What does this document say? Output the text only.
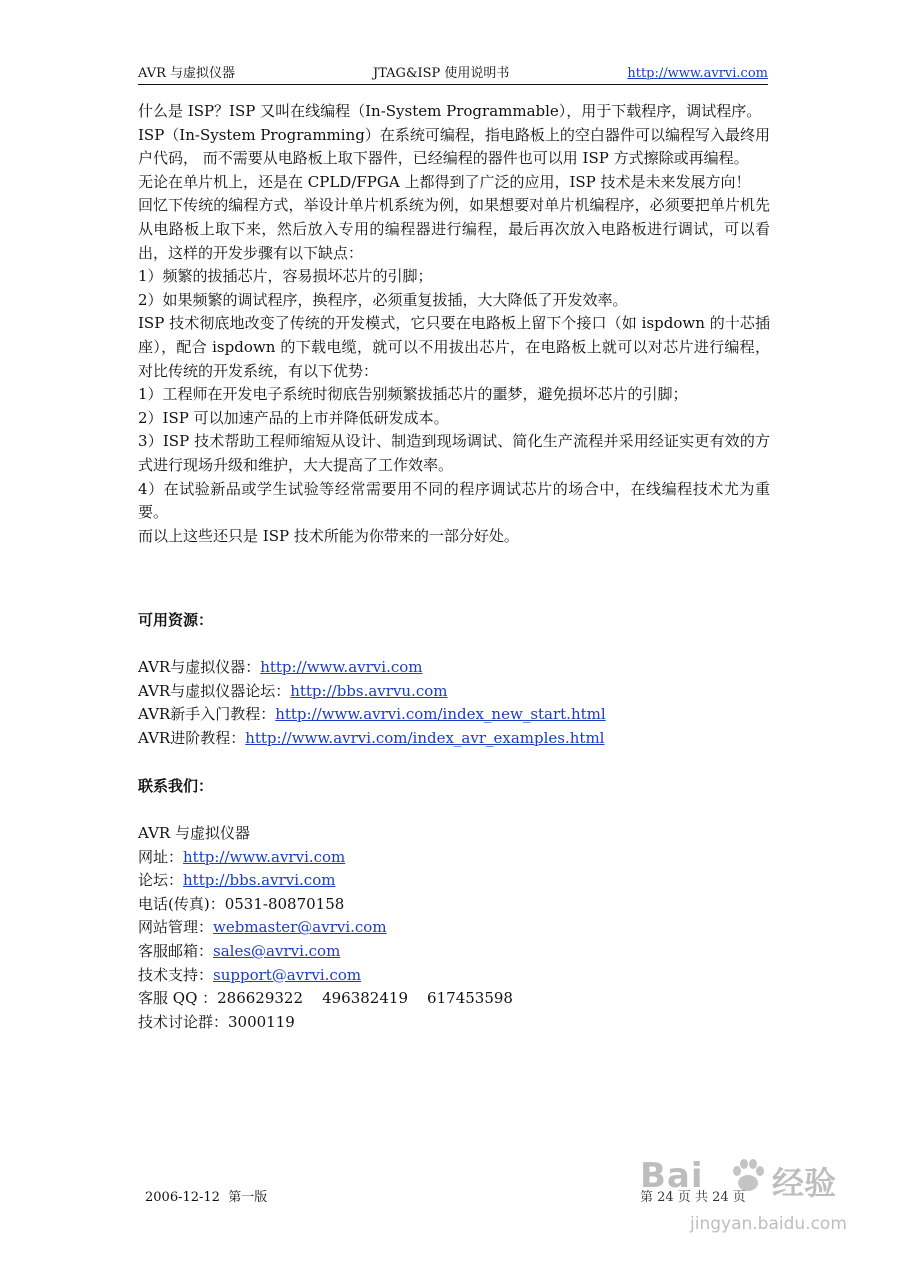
AVR 与虚拟仪器	JTAG&ISP 使用说明书	http://www.avrvi.com

什么是 ISP？ISP 又叫在线编程（In-System Programmable），用于下载程序，调试程序。

ISP（In-System Programming）在系统可编程，指电路板上的空白器件可以编程写入最终用户代码， 而不需要从电路板上取下器件，已经编程的器件也可以用 ISP 方式擦除或再编程。

无论在单片机上，还是在 CPLD/FPGA 上都得到了广泛的应用，ISP 技术是未来发展方向！

回忆下传统的编程方式，举设计单片机系统为例，如果想要对单片机编程序，必须要把单片机先从电路板上取下来，然后放入专用的编程器进行编程，最后再次放入电路板进行调试，可以看出，这样的开发步骤有以下缺点：

1）频繁的拔插芯片，容易损坏芯片的引脚；

2）如果频繁的调试程序，换程序，必须重复拔插，大大降低了开发效率。

ISP 技术彻底地改变了传统的开发模式，它只要在电路板上留下个接口（如 ispdown 的十芯插座），配合 ispdown 的下载电缆，就可以不用拔出芯片，在电路板上就可以对芯片进行编程，对比传统的开发系统，有以下优势：

1）工程师在开发电子系统时彻底告别频繁拔插芯片的噩梦，避免损坏芯片的引脚；

2）ISP 可以加速产品的上市并降低研发成本。

3）ISP 技术帮助工程师缩短从设计、制造到现场调试、简化生产流程并采用经证实更有效的方式进行现场升级和维护，大大提高了工作效率。

4）在试验新品或学生试验等经常需要用不同的程序调试芯片的场合中，在线编程技术尤为重要。

而以上这些还只是 ISP 技术所能为你带来的一部分好处。

可用资源：
AVR与虚拟仪器：http://www.avrvi.com
AVR与虚拟仪器论坛：http://bbs.avrvu.com
AVR新手入门教程：http://www.avrvi.com/index_new_start.html
AVR进阶教程：http://www.avrvi.com/index_avr_examples.html
联系我们：
AVR 与虚拟仪器
网址：http://www.avrvi.com
论坛：http://bbs.avrvi.com
电话(传真)：0531-80870158
网站管理：webmaster@avrvi.com
客服邮箱：sales@avrvi.com
技术支持：support@avrvi.com
客服 QQ ：286629322    496382419    617453598
技术讨论群：3000119
2006-12-12  第一版	第 24 页 共 24 页
Bai 经验
jingyan.baidu.com
